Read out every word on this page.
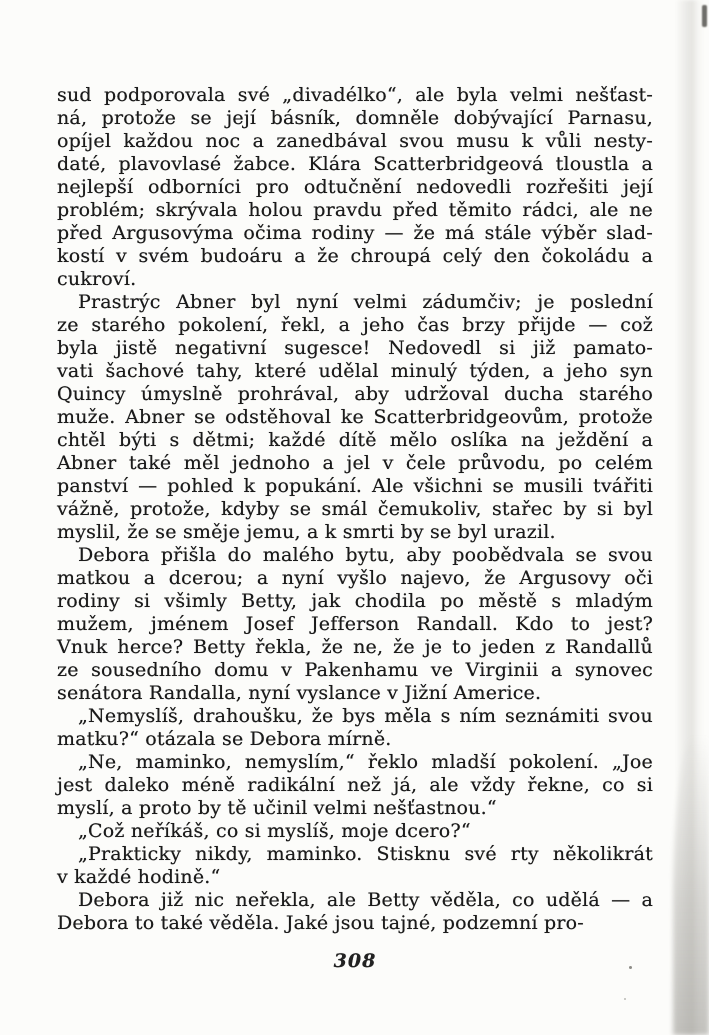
sud podporovala své „divadélko“, ale byla velmi nešťast-
ná, protože se její básník, domněle dobývající Parnasu,
opíjel každou noc a zanedbával svou musu k vůli nesty-
daté, plavovlasé žabce. Klára Scatterbridgeová tloustla a
nejlepší odborníci pro odtučnění nedovedli rozřešiti její
problém; skrývala holou pravdu před těmito rádci, ale ne
před Argusovýma očima rodiny — že má stále výběr slad-
kostí v svém budoáru a že chroupá celý den čokoládu a
cukroví.
Prastrýc Abner byl nyní velmi zádumčiv; je poslední
ze starého pokolení, řekl, a jeho čas brzy přijde — což
byla jistě negativní sugesce! Nedovedl si již pamato-
vati šachové tahy, které udělal minulý týden, a jeho syn
Quincy úmyslně prohrával, aby udržoval ducha starého
muže. Abner se odstěhoval ke Scatterbridgeovům, protože
chtěl býti s dětmi; každé dítě mělo oslíka na ježdění a
Abner také měl jednoho a jel v čele průvodu, po celém
panství — pohled k popukání. Ale všichni se musili tvářiti
vážně, protože, kdyby se smál čemukoliv, stařec by si byl
myslil, že se směje jemu, a k smrti by se byl urazil.
Debora přišla do malého bytu, aby poobědvala se svou
matkou a dcerou; a nyní vyšlo najevo, že Argusovy oči
rodiny si všimly Betty, jak chodila po městě s mladým
mužem, jménem Josef Jefferson Randall. Kdo to jest?
Vnuk herce? Betty řekla, že ne, že je to jeden z Randallů
ze sousedního domu v Pakenhamu ve Virginii a synovec
senátora Randalla, nyní vyslance v Jižní Americe.
„Nemyslíš, drahoušku, že bys měla s ním seznámiti svou
matku?“ otázala se Debora mírně.
„Ne, maminko, nemyslím,“ řeklo mladší pokolení. „Joe
jest daleko méně radikální než já, ale vždy řekne, co si
myslí, a proto by tě učinil velmi nešťastnou.“
„Což neříkáš, co si myslíš, moje dcero?“
„Prakticky nikdy, maminko. Stisknu své rty několikrát
v každé hodině.“
Debora již nic neřekla, ale Betty věděla, co udělá — a
Debora to také věděla. Jaké jsou tajné, podzemní pro-
308
